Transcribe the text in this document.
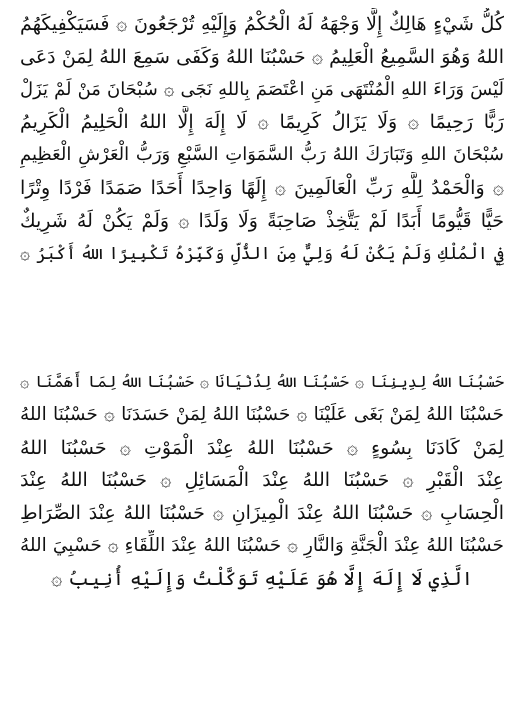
كُلُّ شَيْءٍ هَالِكٌ إِلَّا وَجْهَهُ لَهُ الْحُكْمُ وَإِلَيْهِ تُرْجَعُونَ ۞ فَسَيَكْفِيكَهُمُ
اللهُ وَهُوَ السَّمِيعُ الْعَلِيمُ ۞ حَسْبُنَا اللهُ وَكَفَى سَمِعَ اللهُ لِمَنْ دَعَى
لَيْسَ وَرَاءَ اللهِ الْمُنْتَهَى مَنِ اعْتَصَمَ بِاللهِ نَجَى ۞ سُبْحَانَ مَنْ لَمْ يَزَلْ
رَبًّا رَحِيمًا ۞ وَلَا يَزَالُ كَرِيمًا ۞ لَا إِلَهَ إِلَّا اللهُ الْحَلِيمُ الْكَرِيمُ
سُبْحَانَ اللهِ وَتَبَارَكَ اللهُ رَبُّ السَّمَوَاتِ السَّبْعِ وَرَبُّ الْعَرْشِ الْعَظِيمِ
۞ وَالْحَمْدُ لِلَّهِ رَبِّ الْعَالَمِينَ ۞ إِلَهًا وَاحِدًا أَحَدًا صَمَدًا فَرْدًا وِتْرًا
حَيًّا قَيُّومًا أَبَدًا لَمْ يَتَّخِذْ صَاحِبَةً وَلَا وَلَدًا ۞ وَلَمْ يَكُنْ لَهُ شَرِيكٌ
فِي الْمُلْكِ وَلَمْ يَكُنْ لَهُ وَلِيٌّ مِنَ الذُّلِّ وَكَبِّرْهُ تَكْبِيرًا اللهُ أَكْبَرُ ۞
حَسْبُنَا اللهُ لِدِينِنَا ۞ حَسْبُنَا اللهُ لِدُنْيَانَا ۞ حَسْبُنَا اللهُ لِمَا أَهَمَّنَا ۞
حَسْبُنَا اللهُ لِمَنْ بَغَى عَلَيْنَا ۞ حَسْبُنَا اللهُ لِمَنْ حَسَدَنَا ۞ حَسْبُنَا اللهُ
لِمَنْ كَادَنَا بِسُوءٍ ۞ حَسْبُنَا اللهُ عِنْدَ الْمَوْتِ ۞ حَسْبُنَا اللهُ
عِنْدَ الْقَبْرِ ۞ حَسْبُنَا اللهُ عِنْدَ الْمَسَائِلِ ۞ حَسْبُنَا اللهُ عِنْدَ
الْحِسَابِ ۞ حَسْبُنَا اللهُ عِنْدَ الْمِيزَانِ ۞ حَسْبُنَا اللهُ عِنْدَ الصِّرَاطِ
حَسْبُنَا اللهُ عِنْدَ الْجَنَّةِ وَالنَّارِ ۞ حَسْبُنَا اللهُ عِنْدَ اللِّقَاءِ ۞ حَسْبِيَ اللهُ
الَّذِي لَا إِلَهَ إِلَّا هُوَ عَلَيْهِ تَوَكَّلْتُ وَإِلَيْهِ أُنِيبُ ۞
